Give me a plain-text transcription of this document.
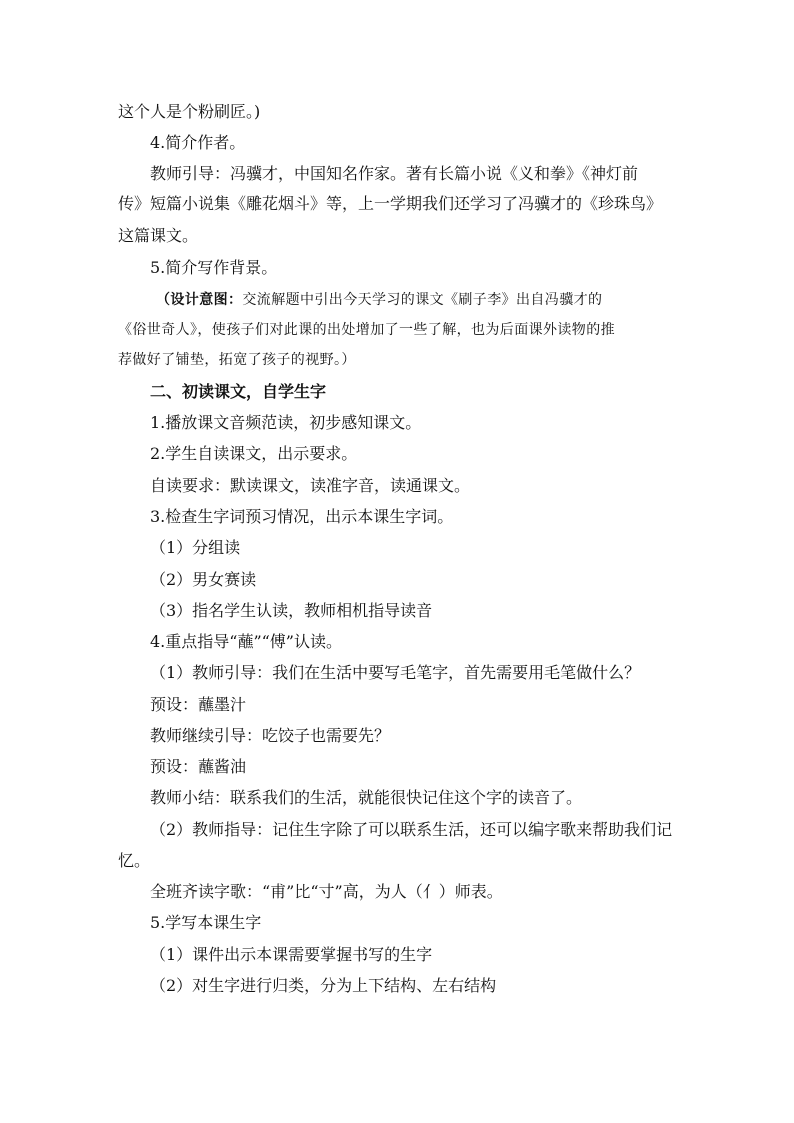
这个人是个粉刷匠。)

4.简介作者。

教师引导：冯骥才，中国知名作家。著有长篇小说《义和拳》《神灯前

传》短篇小说集《雕花烟斗》等，上一学期我们还学习了冯骥才的《珍珠鸟》

这篇课文。

5.简介写作背景。

（设计意图：交流解题中引出今天学习的课文《刷子李》出自冯骥才的

《俗世奇人》，使孩子们对此课的出处增加了一些了解，也为后面课外读物的推

荐做好了铺垫，拓宽了孩子的视野。）

二、初读课文，自学生字

1.播放课文音频范读，初步感知课文。

2.学生自读课文，出示要求。

自读要求：默读课文，读准字音，读通课文。

3.检查生字词预习情况，出示本课生字词。

（1）分组读

（2）男女赛读

（3）指名学生认读，教师相机指导读音

4.重点指导“蘸”“傅”认读。

（1）教师引导：我们在生活中要写毛笔字，首先需要用毛笔做什么？

预设：蘸墨汁

教师继续引导：吃饺子也需要先？

预设：蘸酱油

教师小结：联系我们的生活，就能很快记住这个字的读音了。

（2）教师指导：记住生字除了可以联系生活，还可以编字歌来帮助我们记

忆。

全班齐读字歌：“甫”比“寸”高，为人（亻）师表。

5.学写本课生字

（1）课件出示本课需要掌握书写的生字

（2）对生字进行归类，分为上下结构、左右结构
